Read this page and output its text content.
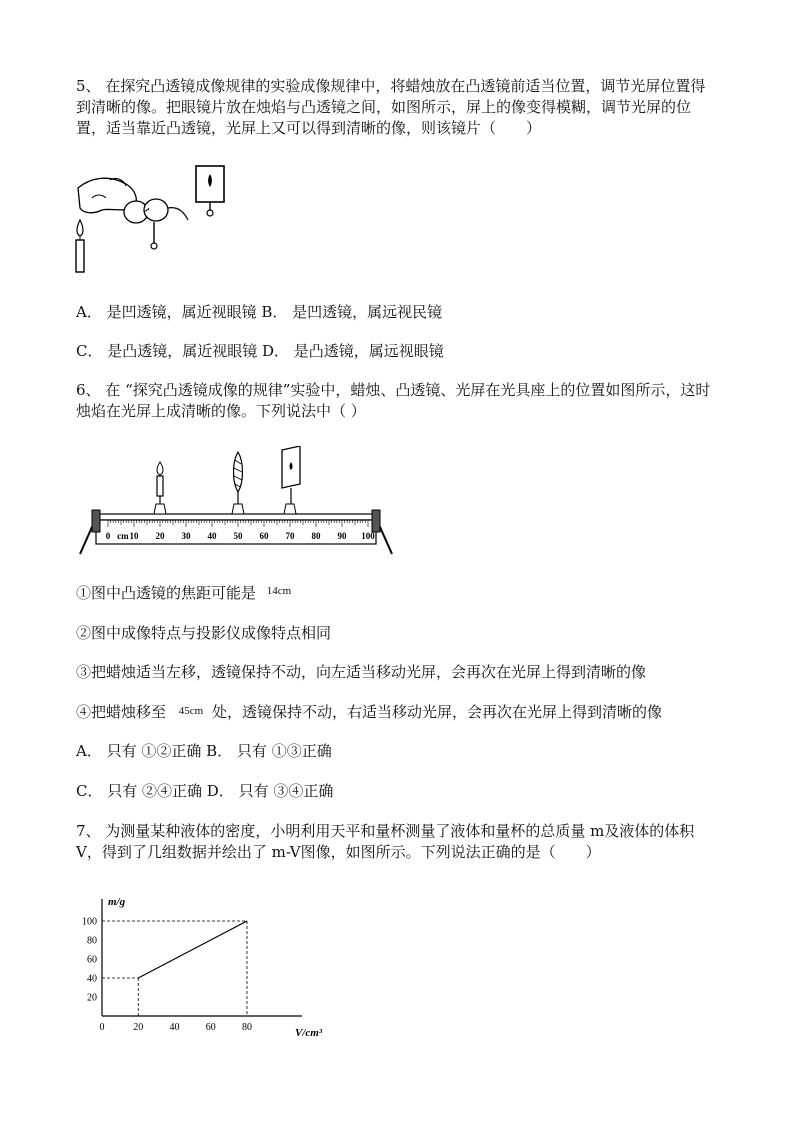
5、 在探究凸透镜成像规律的实验成像规律中，将蜡烛放在凸透镜前适当位置，调节光屏位置得到清晰的像。把眼镜片放在烛焰与凸透镜之间，如图所示，屏上的像变得模糊，调节光屏的位置，适当靠近凸透镜，光屏上又可以得到清晰的像，则该镜片（　　）
A． 是凹透镜，属近视眼镜 B． 是凹透镜，属远视民镜
C． 是凸透镜，属近视眼镜 D． 是凸透镜，属远视眼镜
6、 在 “探究凸透镜成像的规律”实验中，蜡烛、凸透镜、光屏在光具座上的位置如图所示，这时烛焰在光屏上成清晰的像。下列说法中（ ）
0 10 20 30 40 50 60 70 80 90 100
cm
①图中凸透镜的焦距可能是 $^{14cm}$
②图中成像特点与投影仪成像特点相同
③把蜡烛适当左移，透镜保持不动，向左适当移动光屏，会再次在光屏上得到清晰的像
④把蜡烛移至 $^{45cm}$ 处，透镜保持不动，右适当移动光屏，会再次在光屏上得到清晰的像
A． 只有 ①②正确 B． 只有 ①③正确
C． 只有 ②④正确 D． 只有 ③④正确
7、 为测量某种液体的密度，小明利用天平和量杯测量了液体和量杯的总质量 m及液体的体积 V，得到了几组数据并绘出了 m-V图像，如图所示。下列说法正确的是（　　）
0	20	40	60	80
20
40
60
80
100
m/g
V/cm³
